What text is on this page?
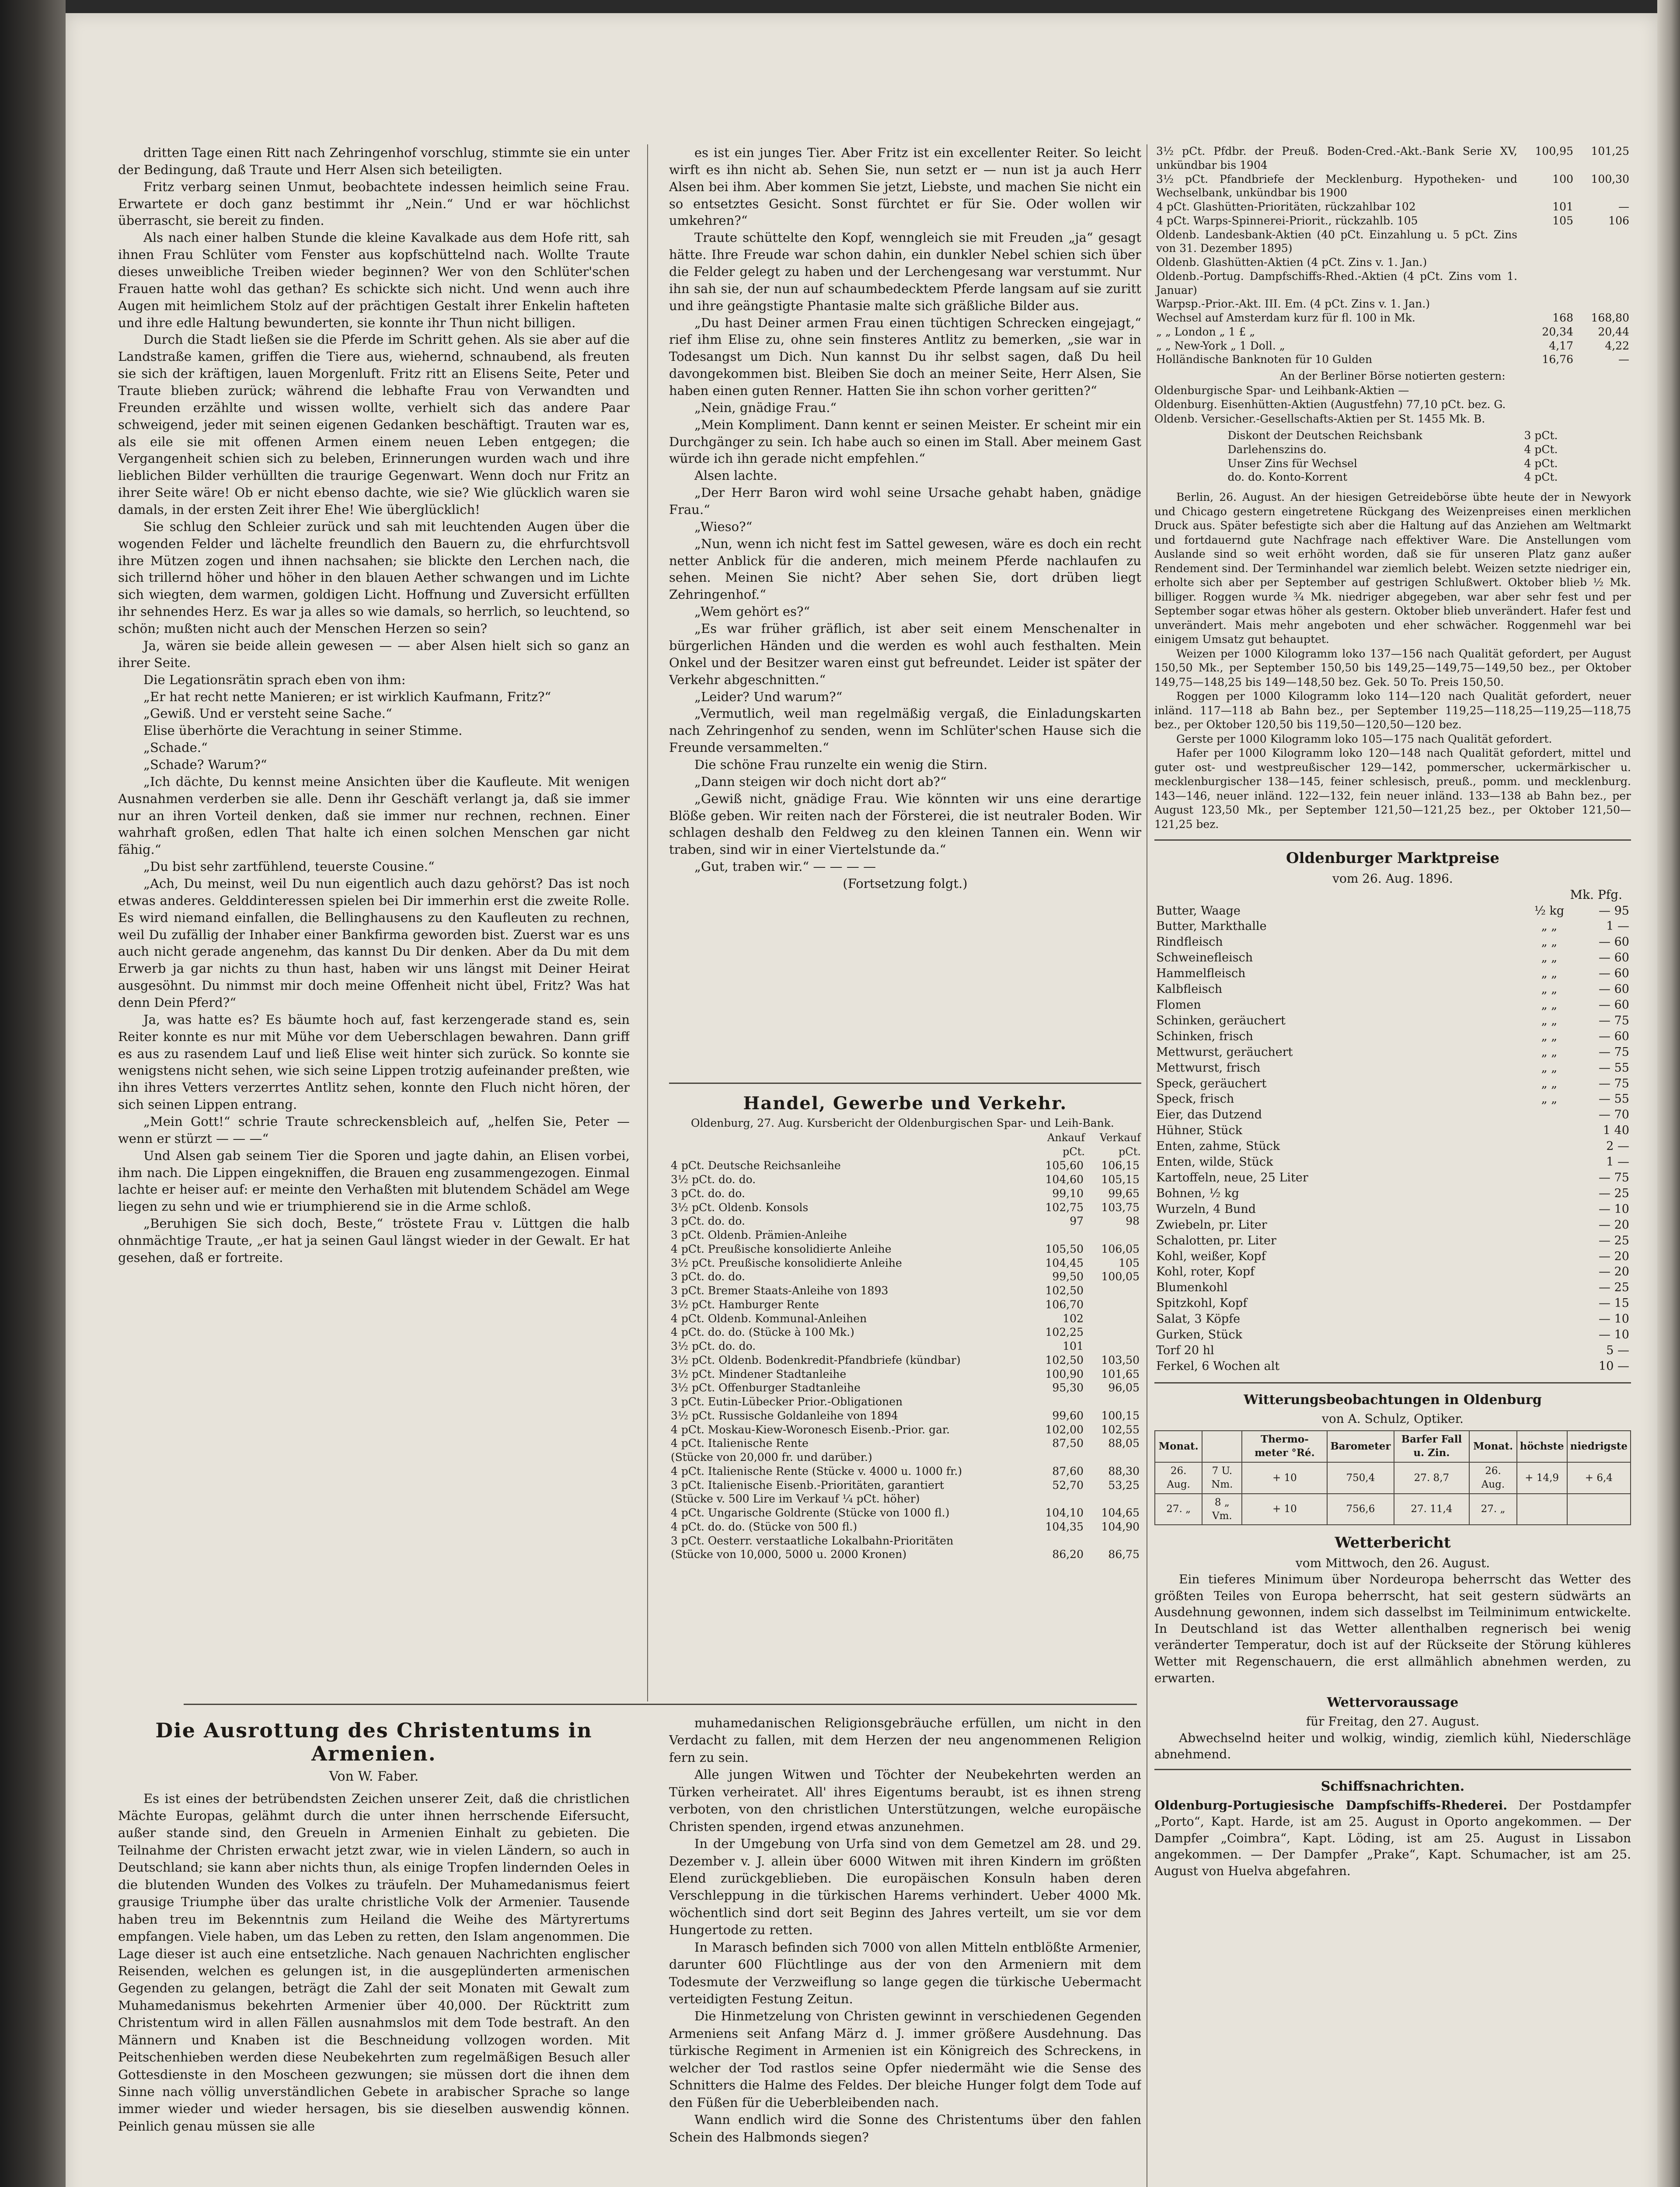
dritten Tage einen Ritt nach Zehringenhof vorschlug, stimmte sie ein unter der Bedingung, daß Traute und Herr Alsen sich beteiligten.

Fritz verbarg seinen Unmut, beobachtete indessen heimlich seine Frau. Erwartete er doch ganz bestimmt ihr „Nein.“ Und er war höchlichst überrascht, sie bereit zu finden.

Als nach einer halben Stunde die kleine Kavalkade aus dem Hofe ritt, sah ihnen Frau Schlüter vom Fenster aus kopfschüttelnd nach. Wollte Traute dieses unweibliche Treiben wieder beginnen? Wer von den Schlüter'schen Frauen hatte wohl das gethan? Es schickte sich nicht. Und wenn auch ihre Augen mit heimlichem Stolz auf der prächtigen Gestalt ihrer Enkelin hafteten und ihre edle Haltung bewunderten, sie konnte ihr Thun nicht billigen.

Durch die Stadt ließen sie die Pferde im Schritt gehen. Als sie aber auf die Landstraße kamen, griffen die Tiere aus, wiehernd, schnaubend, als freuten sie sich der kräftigen, lauen Morgenluft. Fritz ritt an Elisens Seite, Peter und Traute blieben zurück; während die lebhafte Frau von Verwandten und Freunden erzählte und wissen wollte, verhielt sich das andere Paar schweigend, jeder mit seinen eigenen Gedanken beschäftigt. Trauten war es, als eile sie mit offenen Armen einem neuen Leben entgegen; die Vergangenheit schien sich zu beleben, Erinnerungen wurden wach und ihre lieblichen Bilder verhüllten die traurige Gegenwart. Wenn doch nur Fritz an ihrer Seite wäre! Ob er nicht ebenso dachte, wie sie? Wie glücklich waren sie damals, in der ersten Zeit ihrer Ehe! Wie überglücklich!

Sie schlug den Schleier zurück und sah mit leuchtenden Augen über die wogenden Felder und lächelte freundlich den Bauern zu, die ehrfurchtsvoll ihre Mützen zogen und ihnen nachsahen; sie blickte den Lerchen nach, die sich trillernd höher und höher in den blauen Aether schwangen und im Lichte sich wiegten, dem warmen, goldigen Licht. Hoffnung und Zuversicht erfüllten ihr sehnendes Herz. Es war ja alles so wie damals, so herrlich, so leuchtend, so schön; mußten nicht auch der Menschen Herzen so sein?

Ja, wären sie beide allein gewesen — — aber Alsen hielt sich so ganz an ihrer Seite.

Die Legationsrätin sprach eben von ihm:

„Er hat recht nette Manieren; er ist wirklich Kaufmann, Fritz?“

„Gewiß. Und er versteht seine Sache.“

Elise überhörte die Verachtung in seiner Stimme.

„Schade.“

„Schade? Warum?“

„Ich dächte, Du kennst meine Ansichten über die Kaufleute. Mit wenigen Ausnahmen verderben sie alle. Denn ihr Geschäft verlangt ja, daß sie immer nur an ihren Vorteil denken, daß sie immer nur rechnen, rechnen. Einer wahrhaft großen, edlen That halte ich einen solchen Menschen gar nicht fähig.“

„Du bist sehr zartfühlend, teuerste Cousine.“

„Ach, Du meinst, weil Du nun eigentlich auch dazu gehörst? Das ist noch etwas anderes. Gelddinteressen spielen bei Dir immerhin erst die zweite Rolle. Es wird niemand einfallen, die Bellinghausens zu den Kaufleuten zu rechnen, weil Du zufällig der Inhaber einer Bankfirma geworden bist. Zuerst war es uns auch nicht gerade angenehm, das kannst Du Dir denken. Aber da Du mit dem Erwerb ja gar nichts zu thun hast, haben wir uns längst mit Deiner Heirat ausgesöhnt. Du nimmst mir doch meine Offenheit nicht übel, Fritz? Was hat denn Dein Pferd?“

Ja, was hatte es? Es bäumte hoch auf, fast kerzengerade stand es, sein Reiter konnte es nur mit Mühe vor dem Ueberschlagen bewahren. Dann griff es aus zu rasendem Lauf und ließ Elise weit hinter sich zurück. So konnte sie wenigstens nicht sehen, wie sich seine Lippen trotzig aufeinander preßten, wie ihn ihres Vetters verzerrtes Antlitz sehen, konnte den Fluch nicht hören, der sich seinen Lippen entrang.

„Mein Gott!“ schrie Traute schreckensbleich auf, „helfen Sie, Peter — wenn er stürzt — — —“

Und Alsen gab seinem Tier die Sporen und jagte dahin, an Elisen vorbei, ihm nach. Die Lippen eingekniffen, die Brauen eng zusammengezogen. Einmal lachte er heiser auf: er meinte den Verhaßten mit blutendem Schädel am Wege liegen zu sehn und wie er triumphierend sie in die Arme schloß.

„Beruhigen Sie sich doch, Beste,“ tröstete Frau v. Lüttgen die halb ohnmächtige Traute, „er hat ja seinen Gaul längst wieder in der Gewalt. Er hat gesehen, daß er fortreite.

es ist ein junges Tier. Aber Fritz ist ein excellenter Reiter. So leicht wirft es ihn nicht ab. Sehen Sie, nun setzt er — nun ist ja auch Herr Alsen bei ihm. Aber kommen Sie jetzt, Liebste, und machen Sie nicht ein so entsetztes Gesicht. Sonst fürchtet er für Sie. Oder wollen wir umkehren?“

Traute schüttelte den Kopf, wenngleich sie mit Freuden „ja“ gesagt hätte. Ihre Freude war schon dahin, ein dunkler Nebel schien sich über die Felder gelegt zu haben und der Lerchengesang war verstummt. Nur ihn sah sie, der nun auf schaumbedecktem Pferde langsam auf sie zuritt und ihre geängstigte Phantasie malte sich gräßliche Bilder aus.

„Du hast Deiner armen Frau einen tüchtigen Schrecken eingejagt,“ rief ihm Elise zu, ohne sein finsteres Antlitz zu bemerken, „sie war in Todesangst um Dich. Nun kannst Du ihr selbst sagen, daß Du heil davongekommen bist. Bleiben Sie doch an meiner Seite, Herr Alsen, Sie haben einen guten Renner. Hatten Sie ihn schon vorher geritten?“

„Nein, gnädige Frau.“

„Mein Kompliment. Dann kennt er seinen Meister. Er scheint mir ein Durchgänger zu sein. Ich habe auch so einen im Stall. Aber meinem Gast würde ich ihn gerade nicht empfehlen.“

Alsen lachte.

„Der Herr Baron wird wohl seine Ursache gehabt haben, gnädige Frau.“

„Wieso?“

„Nun, wenn ich nicht fest im Sattel gewesen, wäre es doch ein recht netter Anblick für die anderen, mich meinem Pferde nachlaufen zu sehen. Meinen Sie nicht? Aber sehen Sie, dort drüben liegt Zehringenhof.“

„Wem gehört es?“

„Es war früher gräflich, ist aber seit einem Menschenalter in bürgerlichen Händen und die werden es wohl auch festhalten. Mein Onkel und der Besitzer waren einst gut befreundet. Leider ist später der Verkehr abgeschnitten.“

„Leider? Und warum?“

„Vermutlich, weil man regelmäßig vergaß, die Einladungskarten nach Zehringenhof zu senden, wenn im Schlüter'schen Hause sich die Freunde versammelten.“

Die schöne Frau runzelte ein wenig die Stirn.

„Dann steigen wir doch nicht dort ab?“

„Gewiß nicht, gnädige Frau. Wie könnten wir uns eine derartige Blöße geben. Wir reiten nach der Försterei, die ist neutraler Boden. Wir schlagen deshalb den Feldweg zu den kleinen Tannen ein. Wenn wir traben, sind wir in einer Viertelstunde da.“

„Gut, traben wir.“ — — — —

(Fortsetzung folgt.)

Handel, Gewerbe und Verkehr.

Oldenburg, 27. Aug. Kursbericht der Oldenburgischen Spar- und Leih-Bank.

	Ankauf	Verkauf
	pCt.	pCt.
4 pCt. Deutsche Reichsanleihe	105,60	106,15
3½ pCt. do. do.	104,60	105,15
3 pCt. do. do.	99,10	99,65
3½ pCt. Oldenb. Konsols	102,75	103,75
3 pCt. do. do.	97	98
3 pCt. Oldenb. Prämien-Anleihe		
4 pCt. Preußische konsolidierte Anleihe	105,50	106,05
3½ pCt. Preußische konsolidierte Anleihe	104,45	105
3 pCt. do. do.	99,50	100,05
3 pCt. Bremer Staats-Anleihe von 1893	102,50	
3½ pCt. Hamburger Rente	106,70	
4 pCt. Oldenb. Kommunal-Anleihen	102	
4 pCt. do. do. (Stücke à 100 Mk.)	102,25	
3½ pCt. do. do.	101	
3½ pCt. Oldenb. Bodenkredit-Pfandbriefe (kündbar)	102,50	103,50
3½ pCt. Mindener Stadtanleihe	100,90	101,65
3½ pCt. Offenburger Stadtanleihe	95,30	96,05
3 pCt. Eutin-Lübecker Prior.-Obligationen		
3½ pCt. Russische Goldanleihe von 1894	99,60	100,15
4 pCt. Moskau-Kiew-Woronesch Eisenb.-Prior. gar.	102,00	102,55
4 pCt. Italienische Rente	87,50	88,05
(Stücke von 20,000 fr. und darüber.)		
4 pCt. Italienische Rente (Stücke v. 4000 u. 1000 fr.)	87,60	88,30
3 pCt. Italienische Eisenb.-Prioritäten, garantiert	52,70	53,25
(Stücke v. 500 Lire im Verkauf ¼ pCt. höher)		
4 pCt. Ungarische Goldrente (Stücke von 1000 fl.)	104,10	104,65
4 pCt. do. do. (Stücke von 500 fl.)	104,35	104,90
3 pCt. Oesterr. verstaatliche Lokalbahn-Prioritäten		
(Stücke von 10,000, 5000 u. 2000 Kronen)	86,20	86,75
3½ pCt. Pfdbr. der Preuß. Boden-Cred.-Akt.-Bank Serie XV, unkündbar bis 1904	100,95	101,25
3½ pCt. Pfandbriefe der Mecklenburg. Hypotheken- und Wechselbank, unkündbar bis 1900	100	100,30
4 pCt. Glashütten-Prioritäten, rückzahlbar 102	101	—
4 pCt. Warps-Spinnerei-Priorit., rückzahlb. 105	105	106
Oldenb. Landesbank-Aktien (40 pCt. Einzahlung u. 5 pCt. Zins von 31. Dezember 1895)		
Oldenb. Glashütten-Aktien (4 pCt. Zins v. 1. Jan.)		
Oldenb.-Portug. Dampfschiffs-Rhed.-Aktien (4 pCt. Zins vom 1. Januar)		
Warpsp.-Prior.-Akt. III. Em. (4 pCt. Zins v. 1. Jan.)		
Wechsel auf Amsterdam kurz für fl. 100 in Mk.	168	168,80
„ „ London „ 1 £ „	20,34	20,44
„ „ New-York „ 1 Doll. „	4,17	4,22
Holländische Banknoten für 10 Gulden	16,76	—

An der Berliner Börse notierten gestern:

Oldenburgische Spar- und Leihbank-Aktien —
Oldenburg. Eisenhütten-Aktien (Augustfehn) 77,10 pCt. bez. G.
Oldenb. Versicher.-Gesellschafts-Aktien per St. 1455 Mk. B.
Diskont der Deutschen Reichsbank	3 pCt.
Darlehenszins do.	4 pCt.
Unser Zins für Wechsel	4 pCt.
do. do. Konto-Korrent	4 pCt.

Berlin, 26. August. An der hiesigen Getreidebörse übte heute der in Newyork und Chicago gestern eingetretene Rückgang des Weizenpreises einen merklichen Druck aus. Später befestigte sich aber die Haltung auf das Anziehen am Weltmarkt und fortdauernd gute Nachfrage nach effektiver Ware. Die Anstellungen vom Auslande sind so weit erhöht worden, daß sie für unseren Platz ganz außer Rendement sind. Der Terminhandel war ziemlich belebt. Weizen setzte niedriger ein, erholte sich aber per September auf gestrigen Schlußwert. Oktober blieb ½ Mk. billiger. Roggen wurde ¾ Mk. niedriger abgegeben, war aber sehr fest und per September sogar etwas höher als gestern. Oktober blieb unverändert. Hafer fest und unverändert. Mais mehr angeboten und eher schwächer. Roggenmehl war bei einigem Umsatz gut behauptet.

Weizen per 1000 Kilogramm loko 137—156 nach Qualität gefordert, per August 150,50 Mk., per September 150,50 bis 149,25—149,75—149,50 bez., per Oktober 149,75—148,25 bis 149—148,50 bez. Gek. 50 To. Preis 150,50.

Roggen per 1000 Kilogramm loko 114—120 nach Qualität gefordert, neuer inländ. 117—118 ab Bahn bez., per September 119,25—118,25—119,25—118,75 bez., per Oktober 120,50 bis 119,50—120,50—120 bez.

Gerste per 1000 Kilogramm loko 105—175 nach Qualität gefordert.

Hafer per 1000 Kilogramm loko 120—148 nach Qualität gefordert, mittel und guter ost- und westpreußischer 129—142, pommerscher, uckermärkischer u. mecklenburgischer 138—145, feiner schlesisch, preuß., pomm. und mecklenburg. 143—146, neuer inländ. 122—132, fein neuer inländ. 133—138 ab Bahn bez., per August 123,50 Mk., per September 121,50—121,25 bez., per Oktober 121,50—121,25 bez.

Oldenburger Marktpreise
vom 26. Aug. 1896.
Mk. Pfg.
Butter, Waage	½ kg	— 95
Butter, Markthalle	„ „	1 —
Rindfleisch	„ „	— 60
Schweinefleisch	„ „	— 60
Hammelfleisch	„ „	— 60
Kalbfleisch	„ „	— 60
Flomen	„ „	— 60
Schinken, geräuchert	„ „	— 75
Schinken, frisch	„ „	— 60
Mettwurst, geräuchert	„ „	— 75
Mettwurst, frisch	„ „	— 55
Speck, geräuchert	„ „	— 75
Speck, frisch	„ „	— 55
Eier, das Dutzend		— 70
Hühner, Stück		1 40
Enten, zahme, Stück		2 —
Enten, wilde, Stück		1 —
Kartoffeln, neue, 25 Liter		— 75
Bohnen, ½ kg		— 25
Wurzeln, 4 Bund		— 10
Zwiebeln, pr. Liter		— 20
Schalotten, pr. Liter		— 25
Kohl, weißer, Kopf		— 20
Kohl, roter, Kopf		— 20
Blumenkohl		— 25
Spitzkohl, Kopf		— 15
Salat, 3 Köpfe		— 10
Gurken, Stück		— 10
Torf 20 hl		5 —
Ferkel, 6 Wochen alt		10 —
Witterungsbeobachtungen in Oldenburg
von A. Schulz, Optiker.
Monat.		Thermo-meter °Ré.	Barometer	Barfer Fall u. Zin.	Monat.	höchste	niedrigste
26. Aug.	7 U. Nm.	+ 10	750,4	27. 8,7	26. Aug.	+ 14,9	+ 6,4
27. „	8 „ Vm.	+ 10	756,6	27. 11,4	27. „		
Wetterbericht
vom Mittwoch, den 26. August.

Ein tieferes Minimum über Nordeuropa beherrscht das Wetter des größten Teiles von Europa beherrscht, hat seit gestern südwärts an Ausdehnung gewonnen, indem sich dasselbst im Teilminimum entwickelte. In Deutschland ist das Wetter allenthalben regnerisch bei wenig veränderter Temperatur, doch ist auf der Rückseite der Störung kühleres Wetter mit Regenschauern, die erst allmählich abnehmen werden, zu erwarten.

Wettervoraussage
für Freitag, den 27. August.

Abwechselnd heiter und wolkig, windig, ziemlich kühl, Niederschläge abnehmend.

Schiffsnachrichten.

Oldenburg-Portugiesische Dampfschiffs-Rhederei. Der Postdampfer „Porto“, Kapt. Harde, ist am 25. August in Oporto angekommen. — Der Dampfer „Coimbra“, Kapt. Löding, ist am 25. August in Lissabon angekommen. — Der Dampfer „Prake“, Kapt. Schumacher, ist am 25. August von Huelva abgefahren.

Die Ausrottung des Christentums in Armenien.
Von W. Faber.

Es ist eines der betrübendsten Zeichen unserer Zeit, daß die christlichen Mächte Europas, gelähmt durch die unter ihnen herrschende Eifersucht, außer stande sind, den Greueln in Armenien Einhalt zu gebieten. Die Teilnahme der Christen erwacht jetzt zwar, wie in vielen Ländern, so auch in Deutschland; sie kann aber nichts thun, als einige Tropfen lindernden Oeles in die blutenden Wunden des Volkes zu träufeln. Der Muhamedanismus feiert grausige Triumphe über das uralte christliche Volk der Armenier. Tausende haben treu im Bekenntnis zum Heiland die Weihe des Märtyrertums empfangen. Viele haben, um das Leben zu retten, den Islam angenommen. Die Lage dieser ist auch eine entsetzliche. Nach genauen Nachrichten englischer Reisenden, welchen es gelungen ist, in die ausgeplünderten armenischen Gegenden zu gelangen, beträgt die Zahl der seit Monaten mit Gewalt zum Muhamedanismus bekehrten Armenier über 40,000. Der Rücktritt zum Christentum wird in allen Fällen ausnahmslos mit dem Tode bestraft. An den Männern und Knaben ist die Beschneidung vollzogen worden. Mit Peitschenhieben werden diese Neubekehrten zum regelmäßigen Besuch aller Gottesdienste in den Moscheen gezwungen; sie müssen dort die ihnen dem Sinne nach völlig unverständlichen Gebete in arabischer Sprache so lange immer wieder und wieder hersagen, bis sie dieselben auswendig können. Peinlich genau müssen sie alle

muhamedanischen Religionsgebräuche erfüllen, um nicht in den Verdacht zu fallen, mit dem Herzen der neu angenommenen Religion fern zu sein.

Alle jungen Witwen und Töchter der Neubekehrten werden an Türken verheiratet. All' ihres Eigentums beraubt, ist es ihnen streng verboten, von den christlichen Unterstützungen, welche europäische Christen spenden, irgend etwas anzunehmen.

In der Umgebung von Urfa sind von dem Gemetzel am 28. und 29. Dezember v. J. allein über 6000 Witwen mit ihren Kindern im größten Elend zurückgeblieben. Die europäischen Konsuln haben deren Verschleppung in die türkischen Harems verhindert. Ueber 4000 Mk. wöchentlich sind dort seit Beginn des Jahres verteilt, um sie vor dem Hungertode zu retten.

In Marasch befinden sich 7000 von allen Mitteln entblößte Armenier, darunter 600 Flüchtlinge aus der von den Armeniern mit dem Todesmute der Verzweiflung so lange gegen die türkische Uebermacht verteidigten Festung Zeitun.

Die Hinmetzelung von Christen gewinnt in verschiedenen Gegenden Armeniens seit Anfang März d. J. immer größere Ausdehnung. Das türkische Regiment in Armenien ist ein Königreich des Schreckens, in welcher der Tod rastlos seine Opfer niedermäht wie die Sense des Schnitters die Halme des Feldes. Der bleiche Hunger folgt dem Tode auf den Füßen für die Ueberbleibenden nach.

Wann endlich wird die Sonne des Christentums über den fahlen Schein des Halbmonds siegen?
